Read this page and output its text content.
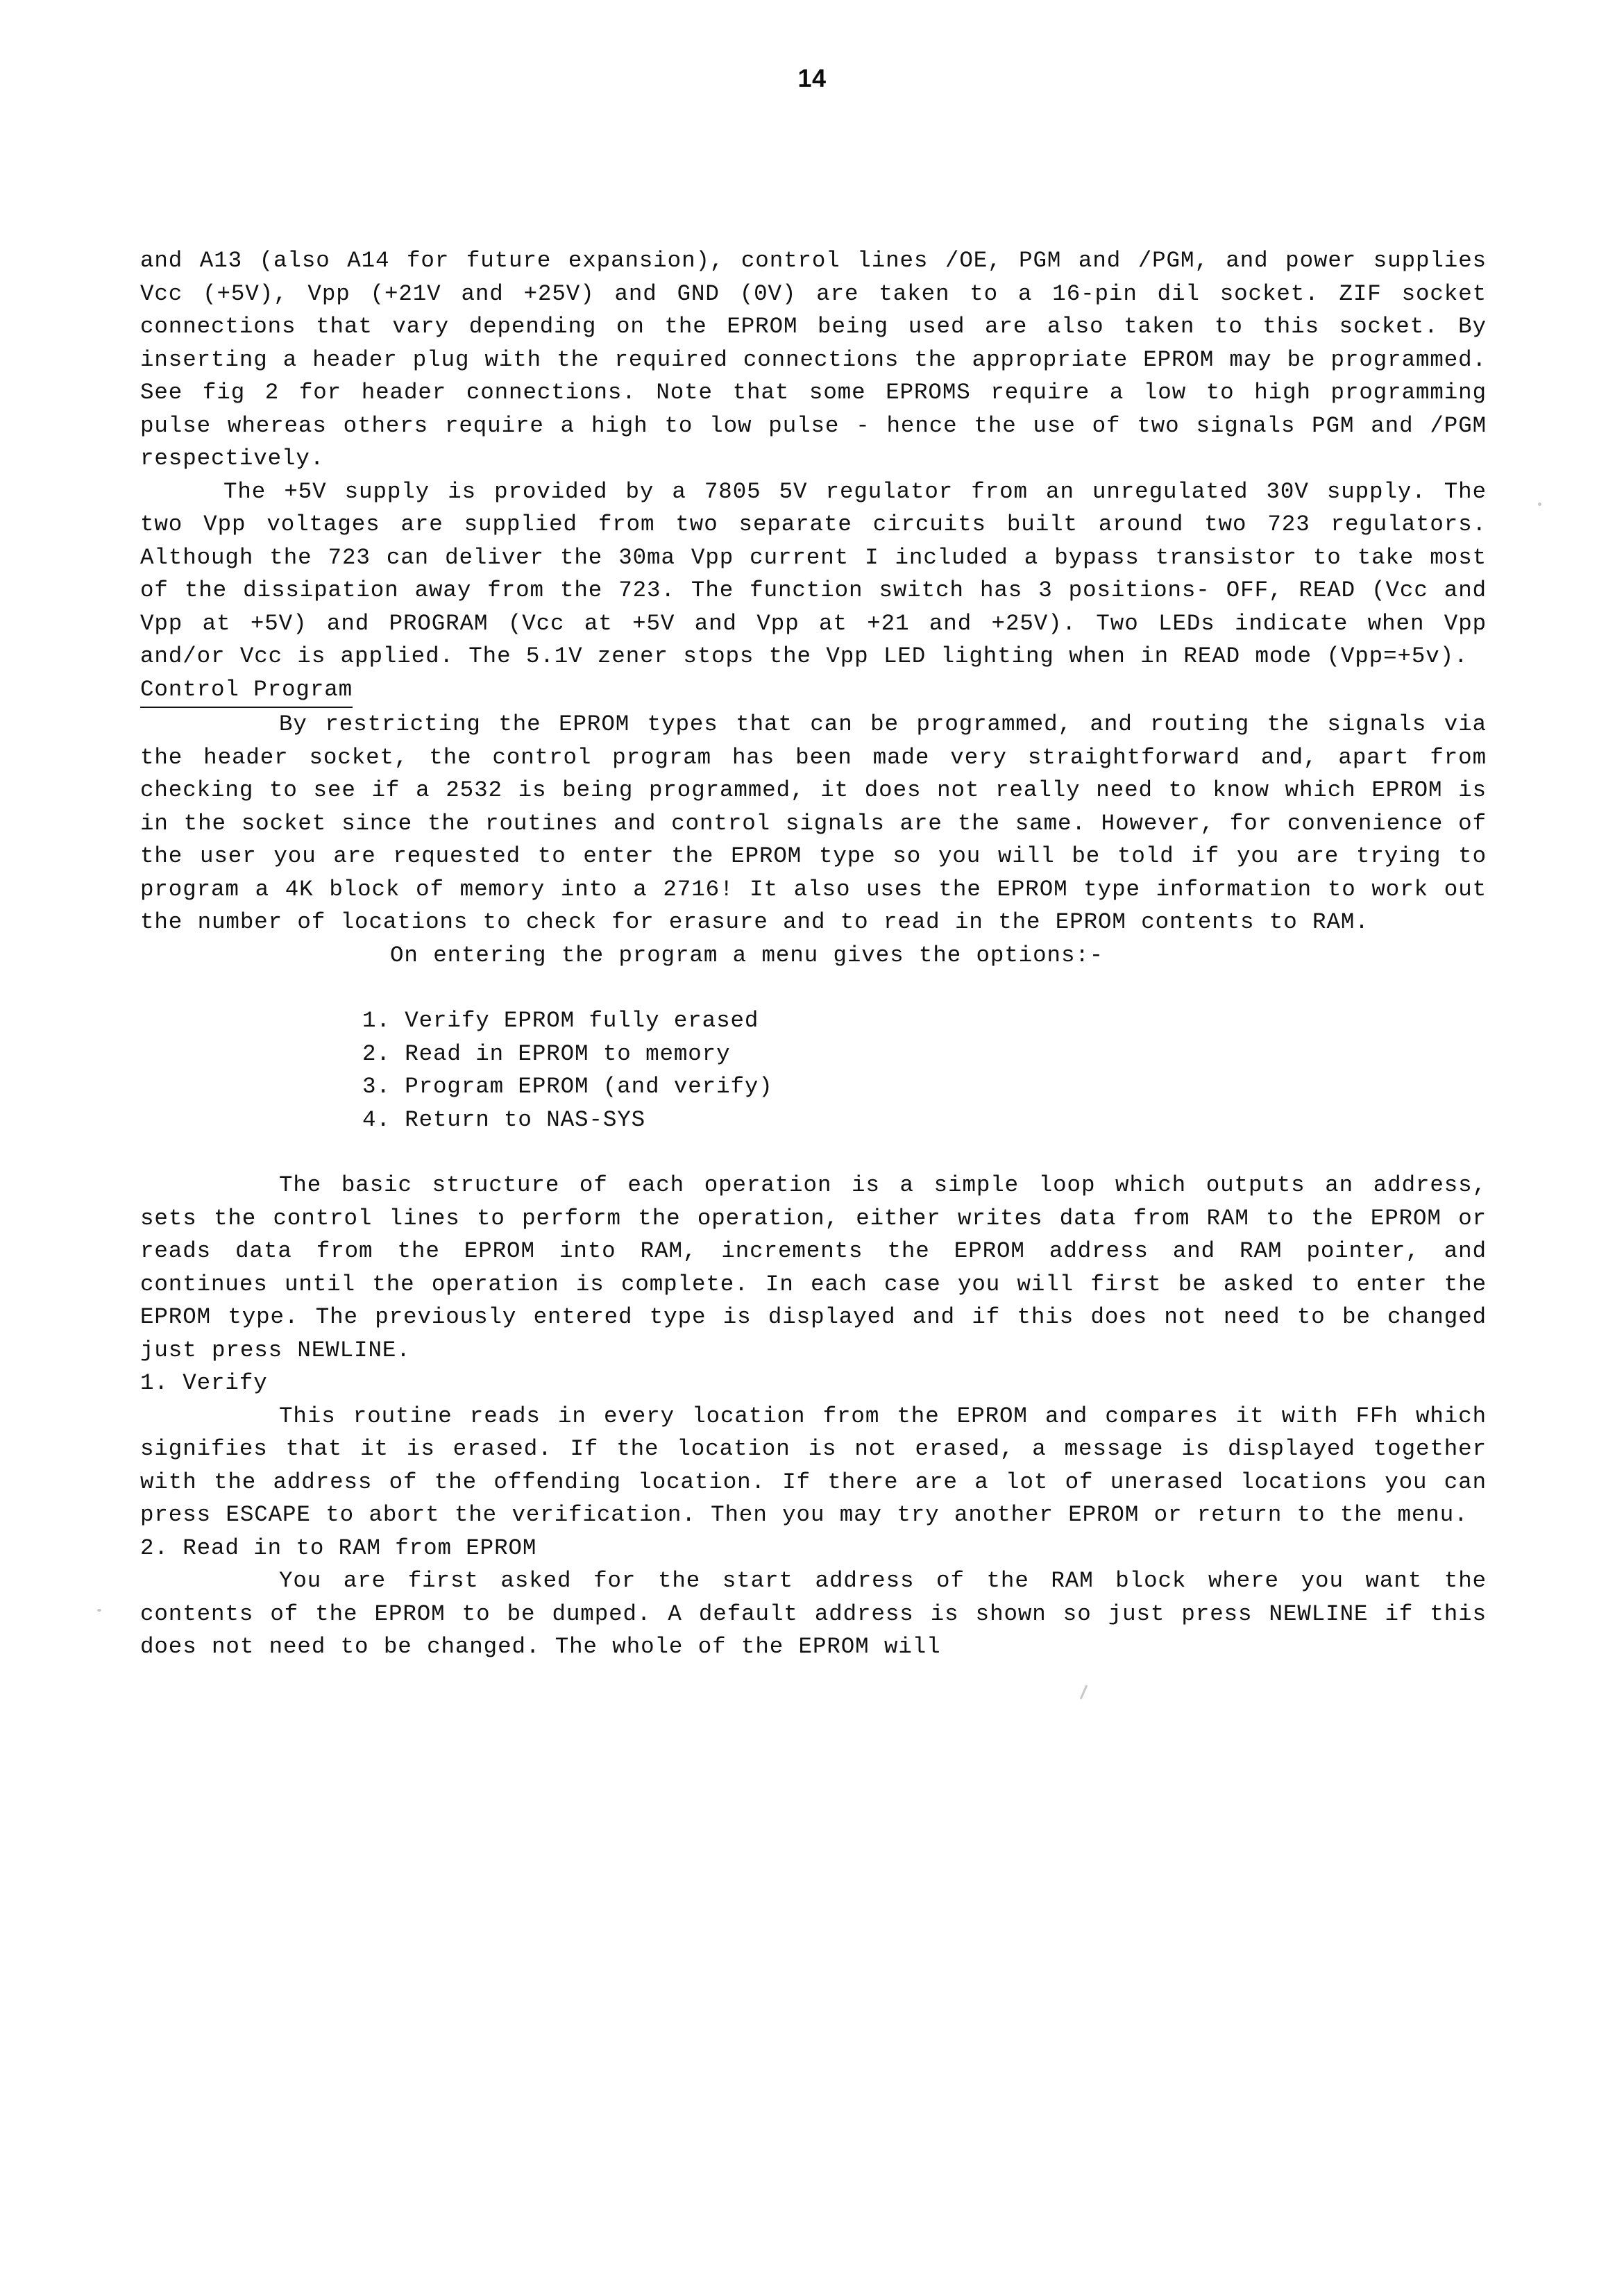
14

and A13 (also A14 for future expansion), control lines /OE, PGM and /PGM, and power supplies Vcc (+5V), Vpp (+21V and +25V) and GND (0V) are taken to a 16-pin dil socket. ZIF socket connections that vary depending on the EPROM being used are also taken to this socket. By inserting a header plug with the required connections the appropriate EPROM may be programmed. See fig 2 for header connections. Note that some EPROMS require a low to high programming pulse whereas others require a high to low pulse - hence the use of two signals PGM and /PGM respectively.

The +5V supply is provided by a 7805 5V regulator from an unregulated 30V supply. The two Vpp voltages are supplied from two separate circuits built around two 723 regulators. Although the 723 can deliver the 30ma Vpp current I included a bypass transistor to take most of the dissipation away from the 723. The function switch has 3 positions- OFF, READ (Vcc and Vpp at +5V) and PROGRAM (Vcc at +5V and Vpp at +21 and +25V). Two LEDs indicate when Vpp and/or Vcc is applied. The 5.1V zener stops the Vpp LED lighting when in READ mode (Vpp=+5v).

Control Program

By restricting the EPROM types that can be programmed, and routing the signals via the header socket, the control program has been made very straightforward and, apart from checking to see if a 2532 is being programmed, it does not really need to know which EPROM is in the socket since the routines and control signals are the same. However, for convenience of the user you are requested to enter the EPROM type so you will be told if you are trying to program a 4K block of memory into a 2716! It also uses the EPROM type information to work out the number of locations to check for erasure and to read in the EPROM contents to RAM.

On entering the program a menu gives the options:-

1. Verify EPROM fully erased
2. Read in EPROM to memory
3. Program EPROM (and verify)
4. Return to NAS-SYS

The basic structure of each operation is a simple loop which outputs an address, sets the control lines to perform the operation, either writes data from RAM to the EPROM or reads data from the EPROM into RAM, increments the EPROM address and RAM pointer, and continues until the operation is complete. In each case you will first be asked to enter the EPROM type. The previously entered type is displayed and if this does not need to be changed just press NEWLINE.

1. Verify

This routine reads in every location from the EPROM and compares it with FFh which signifies that it is erased. If the location is not erased, a message is displayed together with the address of the offending location. If there are a lot of unerased locations you can press ESCAPE to abort the verification. Then you may try another EPROM or return to the menu.

2. Read in to RAM from EPROM

You are first asked for the start address of the RAM block where you want the contents of the EPROM to be dumped. A default address is shown so just press NEWLINE if this does not need to be changed. The whole of the EPROM will
